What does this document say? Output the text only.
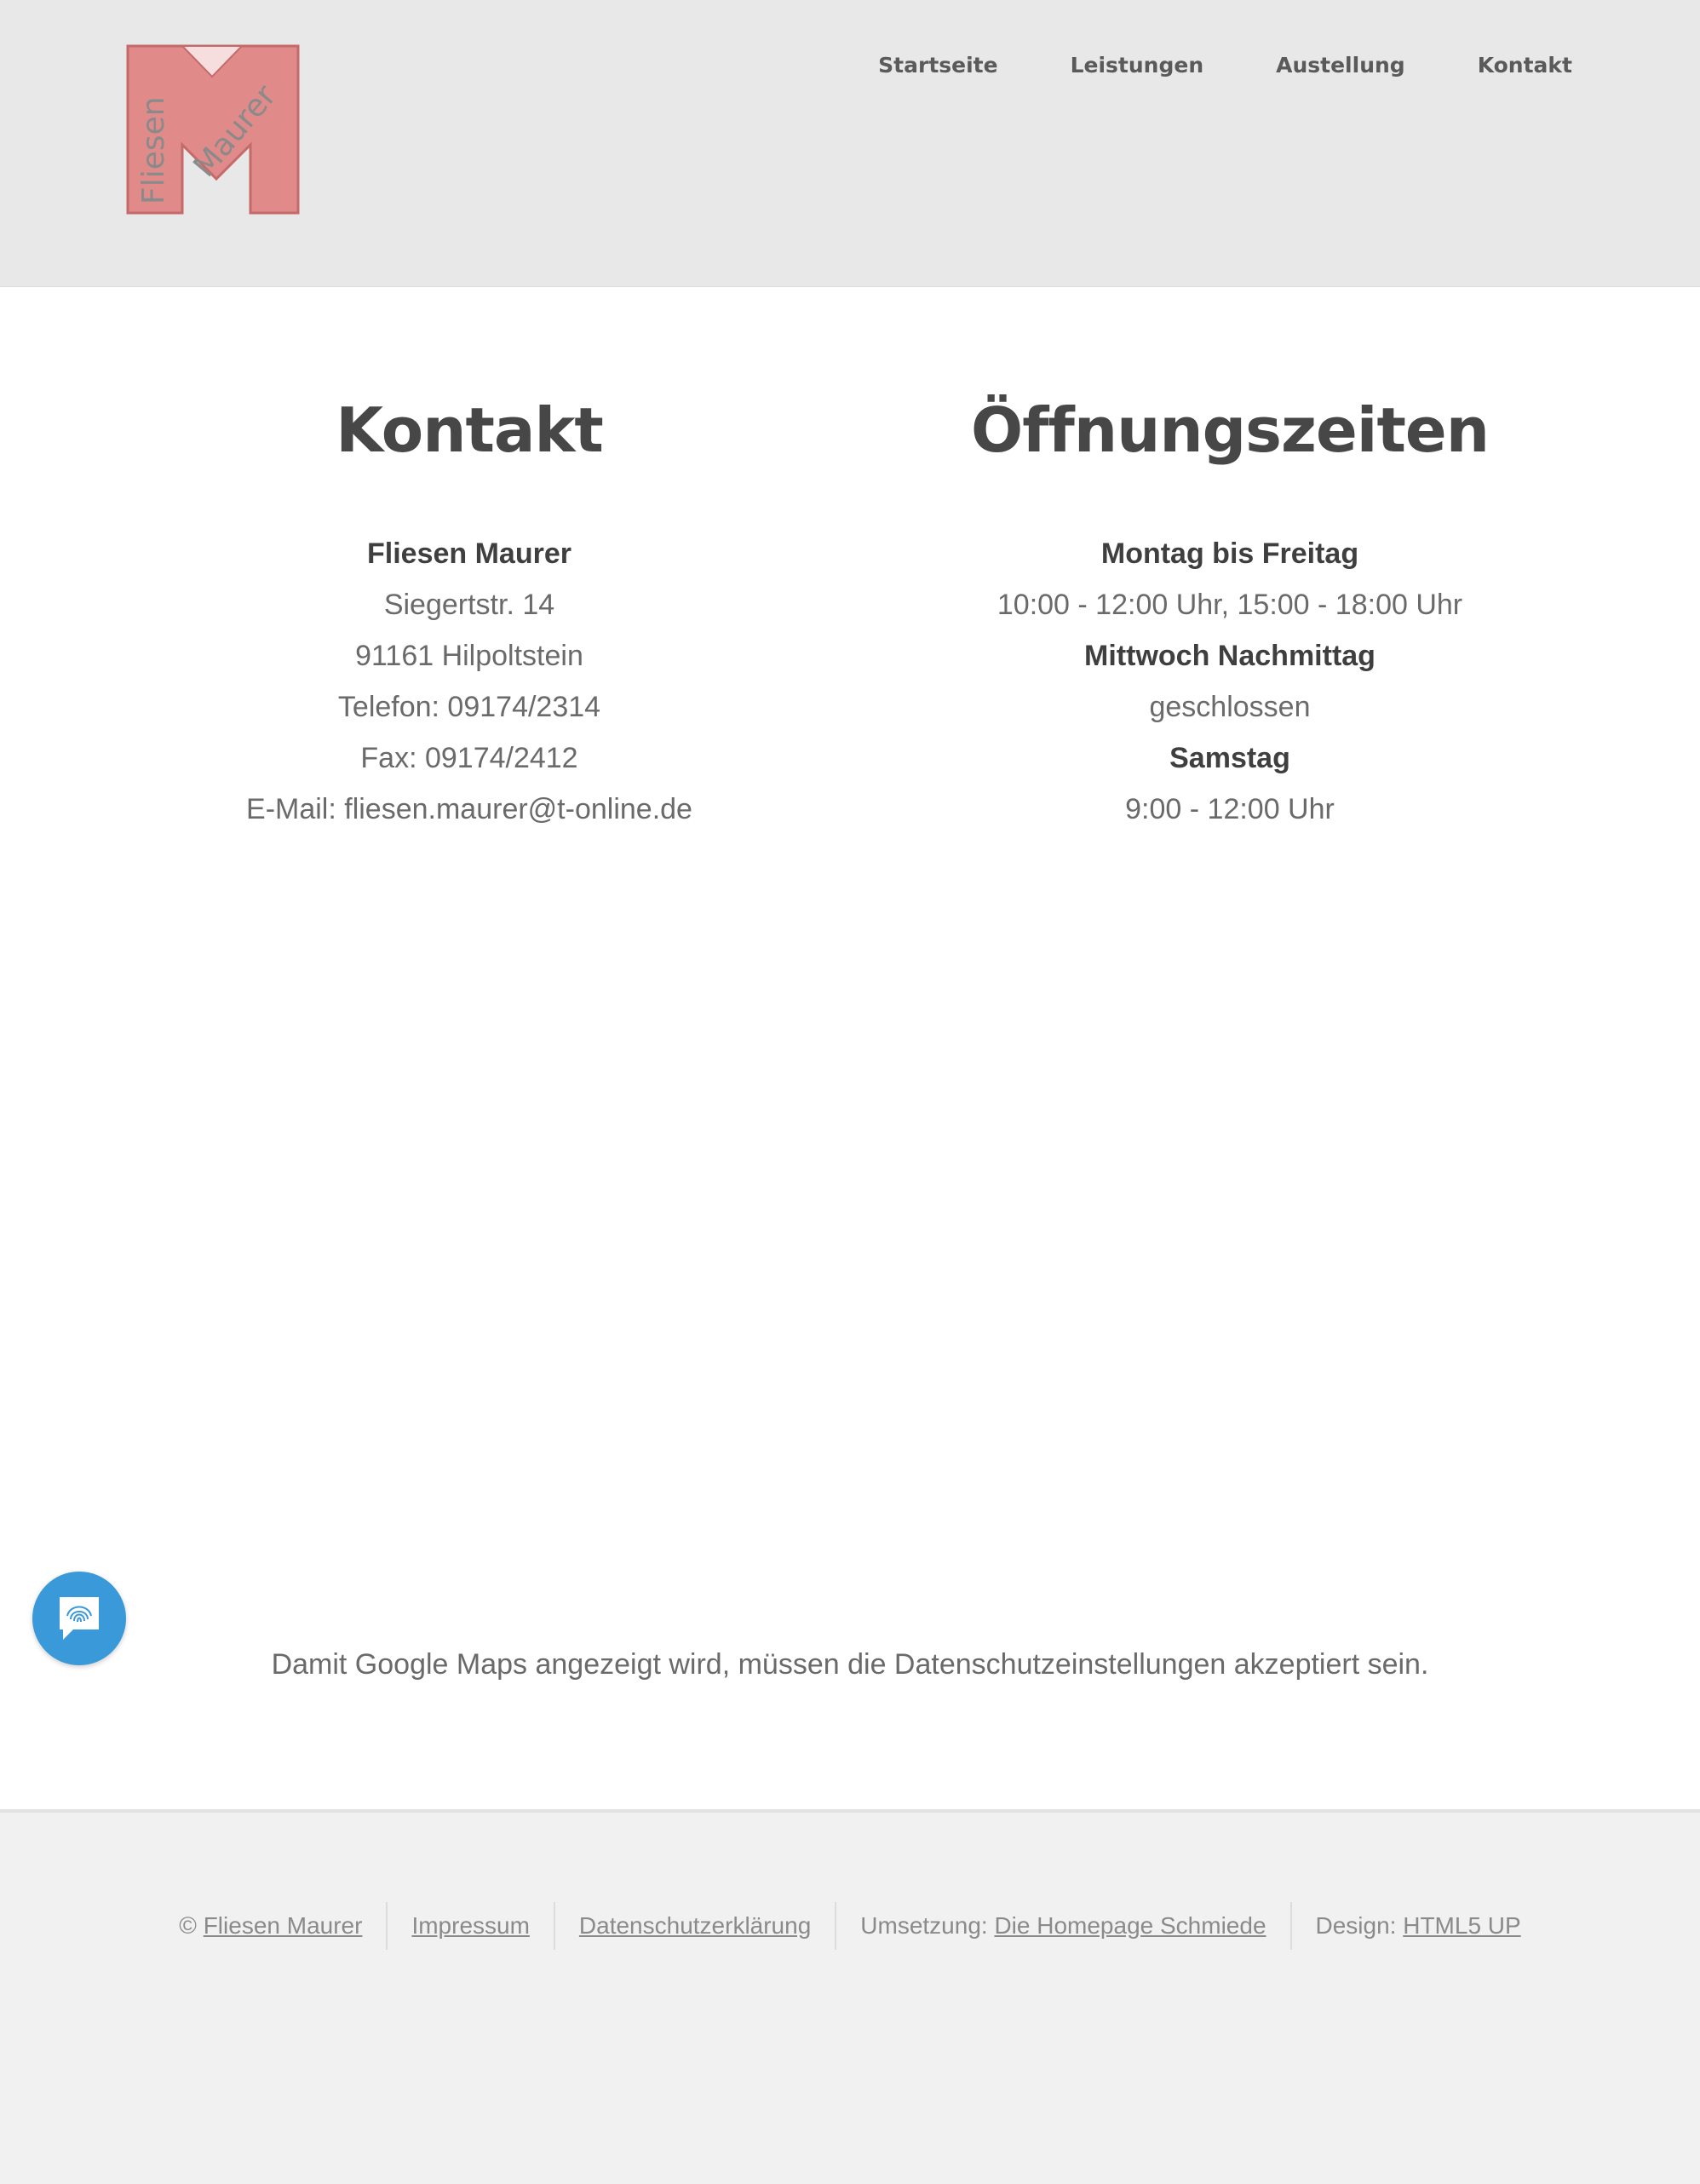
Fliesen Maurer
Startseite	Leistungen	Austellung	Kontakt
Kontakt

Fliesen Maurer

Siegertstr. 14

91161 Hilpoltstein

Telefon: 09174/2314

Fax: 09174/2412

E-Mail: fliesen.maurer@t-online.de

Öffnungszeiten

Montag bis Freitag

10:00 - 12:00 Uhr, 15:00 - 18:00 Uhr

Mittwoch Nachmittag

geschlossen

Samstag

9:00 - 12:00 Uhr

Damit Google Maps angezeigt wird, müssen die Datenschutzeinstellungen akzeptiert sein.
© Fliesen Maurer	Impressum	Datenschutzerklärung	Umsetzung: Die Homepage Schmiede	Design: HTML5 UP
